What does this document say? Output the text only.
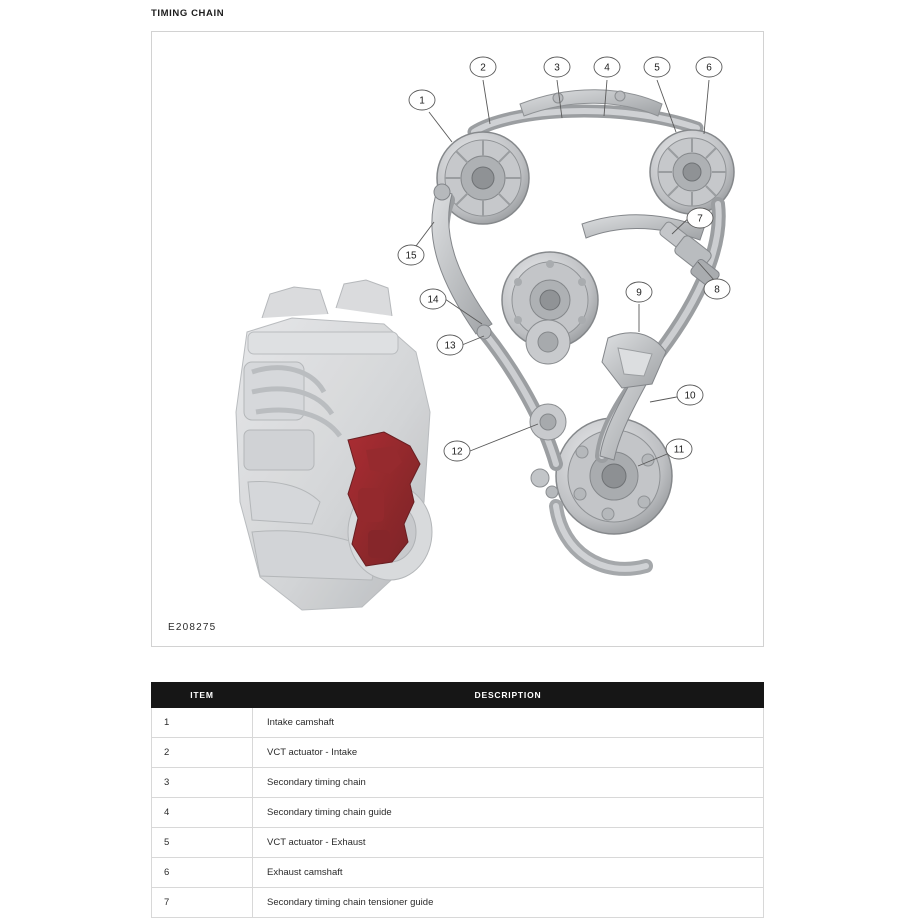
TIMING CHAIN
1
2	3	4	5	6
7
8
9
10
11
12
13
14
15
E208275
ITEM	DESCRIPTION
1	Intake camshaft
2	VCT actuator - Intake
3	Secondary timing chain
4	Secondary timing chain guide
5	VCT actuator - Exhaust
6	Exhaust camshaft
7	Secondary timing chain tensioner guide
